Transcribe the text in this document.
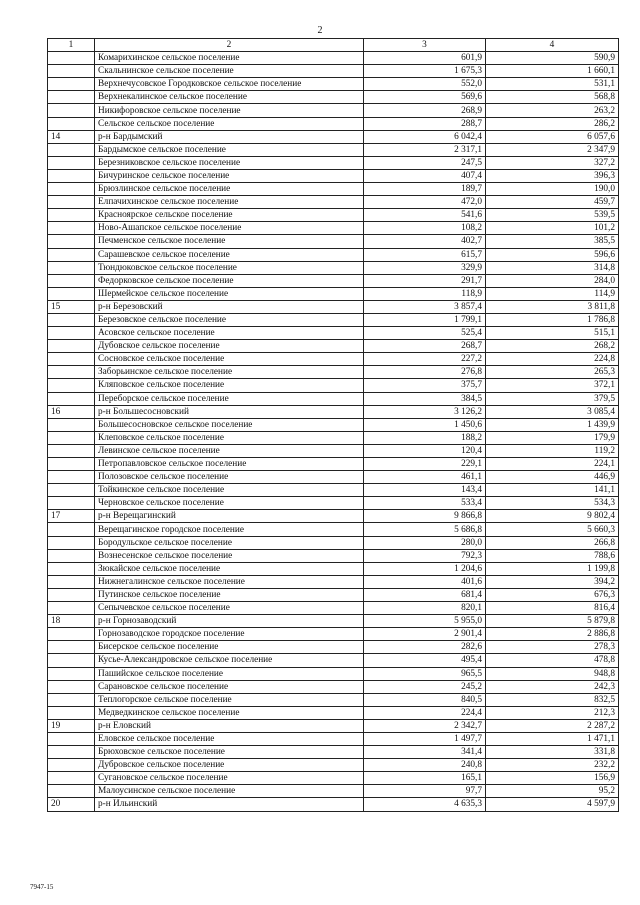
2
1	2	3	4
	Комарихинское сельское поселение	601,9	590,9
	Скальнинское сельское поселение	1 675,3	1 660,1
	Верхнечусовское Городковское сельское поселение	552,0	531,1
	Верхнекалинское сельское поселение	569,6	568,8
	Никифоровское сельское поселение	268,9	263,2
	Сельское сельское поселение	288,7	286,2
14	р-н Бардымский	6 042,4	6 057,6
	Бардымское сельское поселение	2 317,1	2 347,9
	Березниковское сельское поселение	247,5	327,2
	Бичуринское сельское поселение	407,4	396,3
	Брюзлинское сельское поселение	189,7	190,0
	Елпачихинское сельское поселение	472,0	459,7
	Красноярское сельское поселение	541,6	539,5
	Ново-Ашапское сельское поселение	108,2	101,2
	Печменское сельское поселение	402,7	385,5
	Сарашевское сельское поселение	615,7	596,6
	Тюндюковское сельское поселение	329,9	314,8
	Федорковское сельское поселение	291,7	284,0
	Шермейское сельское поселение	118,9	114,9
15	р-н Березовский	3 857,4	3 811,8
	Березовское сельское поселение	1 799,1	1 786,8
	Асовское сельское поселение	525,4	515,1
	Дубовское сельское поселение	268,7	268,2
	Сосновское сельское поселение	227,2	224,8
	Заборьинское сельское поселение	276,8	265,3
	Кляповское сельское поселение	375,7	372,1
	Переборское сельское поселение	384,5	379,5
16	р-н Большесосновский	3 126,2	3 085,4
	Большесосновское сельское поселение	1 450,6	1 439,9
	Клеповское сельское поселение	188,2	179,9
	Левинское сельское поселение	120,4	119,2
	Петропавловское сельское поселение	229,1	224,1
	Полозовское сельское поселение	461,1	446,9
	Тойкинское сельское поселение	143,4	141,1
	Черновское сельское поселение	533,4	534,3
17	р-н Верещагинский	9 866,8	9 802,4
	Верещагинское городское поселение	5 686,8	5 660,3
	Бородульское сельское поселение	280,0	266,8
	Вознесенское сельское поселение	792,3	788,6
	Зюкайское сельское поселение	1 204,6	1 199,8
	Нижнегалинское сельское поселение	401,6	394,2
	Путинское сельское поселение	681,4	676,3
	Сепычевское сельское поселение	820,1	816,4
18	р-н Горнозаводский	5 955,0	5 879,8
	Горнозаводское городское поселение	2 901,4	2 886,8
	Бисерское сельское поселение	282,6	278,3
	Кусье-Александровское сельское поселение	495,4	478,8
	Пашийское сельское поселение	965,5	948,8
	Сарановское сельское поселение	245,2	242,3
	Теплогорское сельское поселение	840,5	832,5
	Медведкинское сельское поселение	224,4	212,3
19	р-н Еловский	2 342,7	2 287,2
	Еловское сельское поселение	1 497,7	1 471,1
	Брюховское сельское поселение	341,4	331,8
	Дубровское сельское поселение	240,8	232,2
	Сугановское сельское поселение	165,1	156,9
	Малоусинское сельское поселение	97,7	95,2
20	р-н Ильинский	4 635,3	4 597,9
7947-15
